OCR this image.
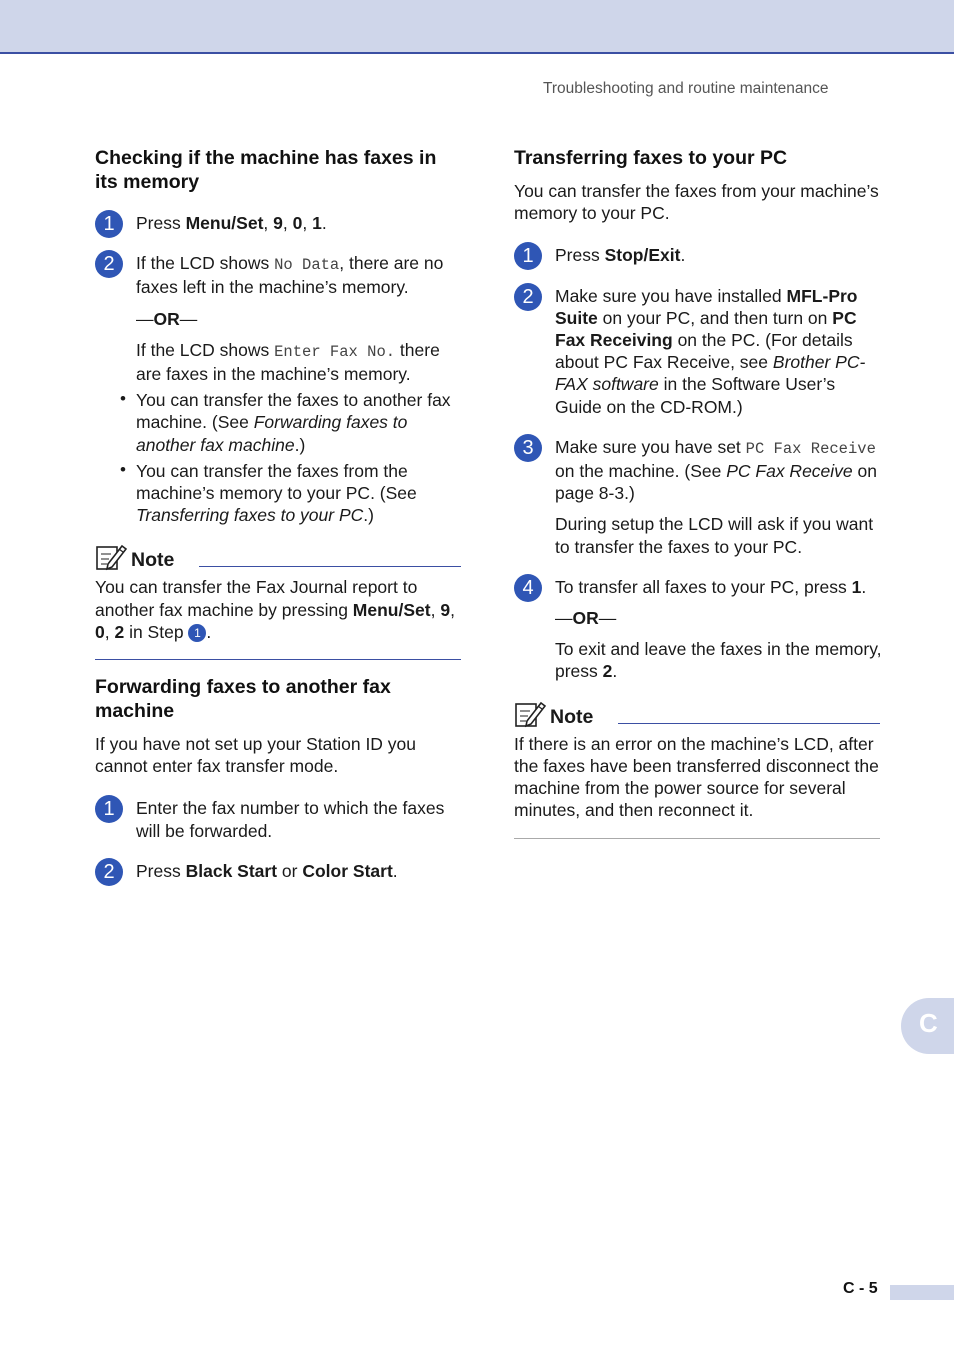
Troubleshooting and routine maintenance
Checking if the machine has faxes in its memory
1	Press Menu/Set, 9, 0, 1.

2	If the LCD shows No Data, there are no faxes left in the machine’s memory.

—OR—

If the LCD shows Enter Fax No. there are faxes in the machine’s memory.

• You can transfer the faxes to another fax machine. (See Forwarding faxes to another fax machine.)

• You can transfer the faxes from the machine’s memory to your PC. (See Transferring faxes to your PC.)

Note

You can transfer the Fax Journal report to another fax machine by pressing Menu/Set, 9, 0, 2 in Step 1 .

Forwarding faxes to another fax machine

If you have not set up your Station ID you cannot enter fax transfer mode.

1	Enter the fax number to which the faxes will be forwarded.

2	Press Black Start or Color Start.

Transferring faxes to your PC

You can transfer the faxes from your machine’s memory to your PC.

1	Press Stop/Exit.

2	Make sure you have installed MFL-Pro Suite on your PC, and then turn on PC Fax Receiving on the PC. (For details about PC Fax Receive, see Brother PC-FAX software in the Software User’s Guide on the CD-ROM.)

3	Make sure you have set PC Fax Receive on the machine. (See PC Fax Receive on page 8-3.)

During setup the LCD will ask if you want to transfer the faxes to your PC.

4	To transfer all faxes to your PC, press 1.

—OR—

To exit and leave the faxes in the memory, press 2.

Note

If there is an error on the machine’s LCD, after the faxes have been transferred disconnect the machine from the power source for several minutes, and then reconnect it.

C
C - 5
